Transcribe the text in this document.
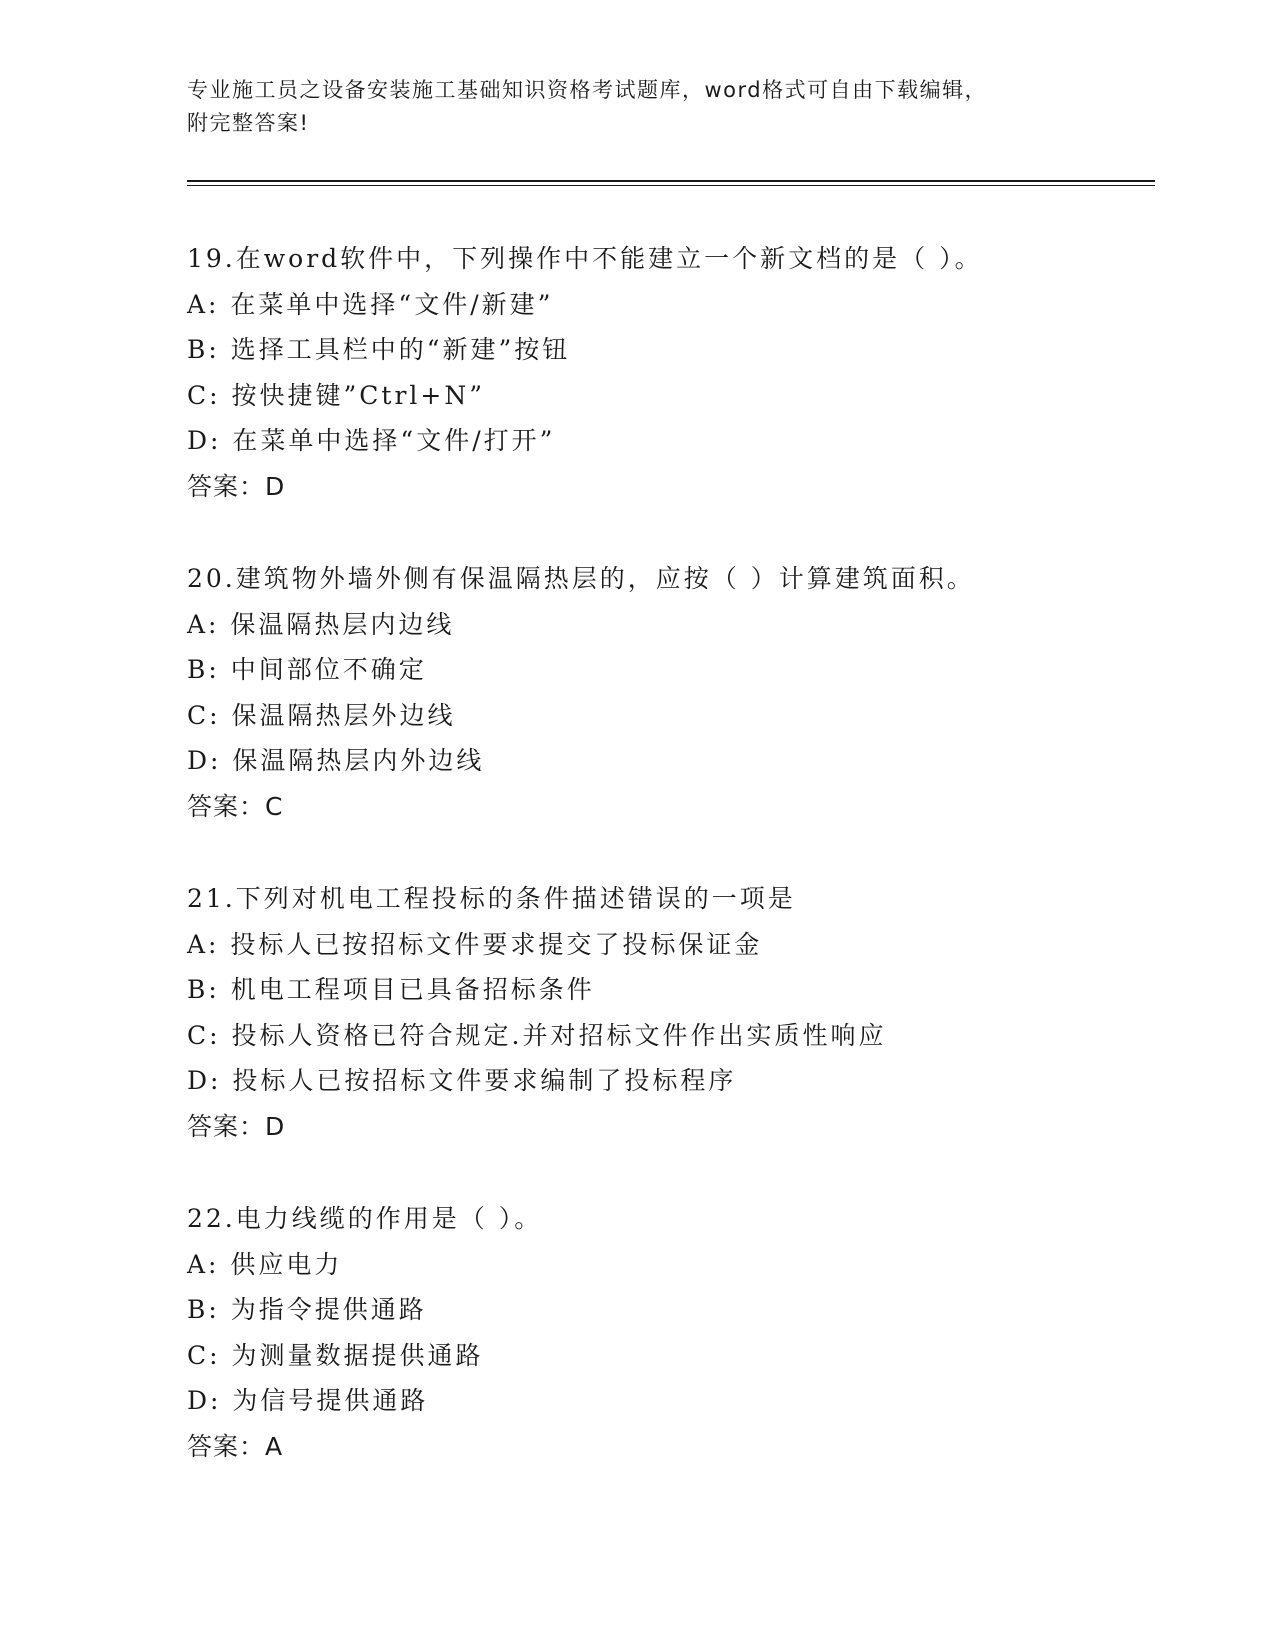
专业施工员之设备安装施工基础知识资格考试题库，word格式可自由下载编辑，
附完整答案!
19.在word软件中，下列操作中不能建立一个新文档的是（ ）。
A: 在菜单中选择“文件/新建”
B: 选择工具栏中的“新建”按钮
C: 按快捷键”Ctrl+N”
D: 在菜单中选择“文件/打开”
答案：D
20.建筑物外墙外侧有保温隔热层的，应按（ ）计算建筑面积。
A: 保温隔热层内边线
B: 中间部位不确定
C: 保温隔热层外边线
D: 保温隔热层内外边线
答案：C
21.下列对机电工程投标的条件描述错误的一项是
A: 投标人已按招标文件要求提交了投标保证金
B: 机电工程项目已具备招标条件
C: 投标人资格已符合规定.并对招标文件作出实质性响应
D: 投标人已按招标文件要求编制了投标程序
答案：D
22.电力线缆的作用是（ ）。
A: 供应电力
B: 为指令提供通路
C: 为测量数据提供通路
D: 为信号提供通路
答案：A
